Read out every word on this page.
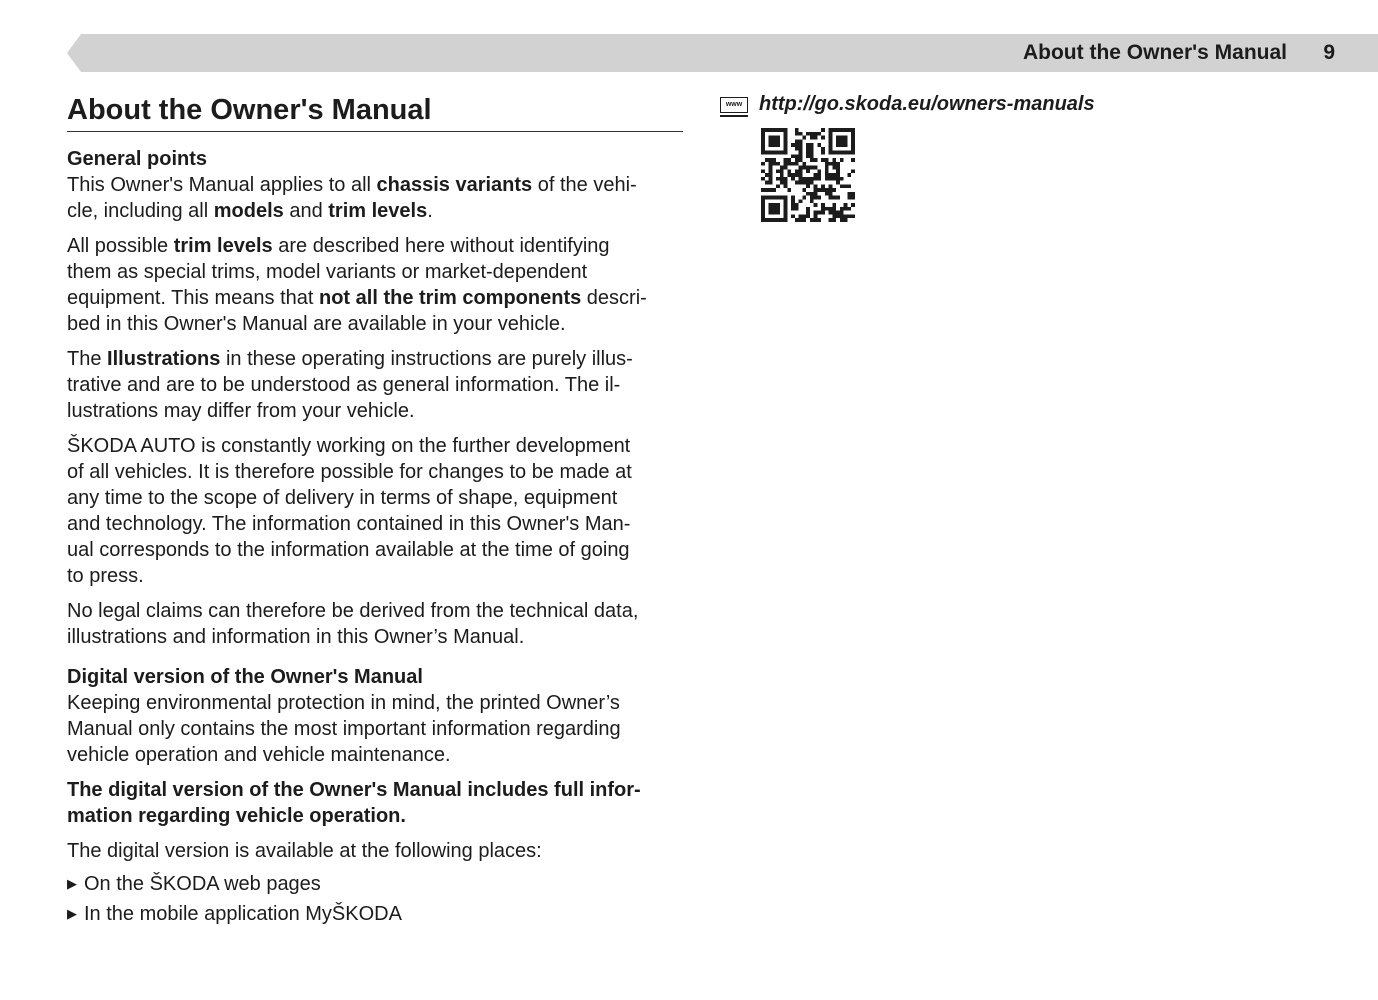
About the Owner's Manual 9
About the Owner's Manual
General points

This Owner's Manual applies to all chassis variants of the vehi-
cle, including all models and trim levels.

All possible trim levels are described here without identifying
them as special trims, model variants or market-dependent
equipment. This means that not all the trim components descri-
bed in this Owner's Manual are available in your vehicle.

The Illustrations in these operating instructions are purely illus-
trative and are to be understood as general information. The il-
lustrations may differ from your vehicle.

ŠKODA AUTO is constantly working on the further development
of all vehicles. It is therefore possible for changes to be made at
any time to the scope of delivery in terms of shape, equipment
and technology. The information contained in this Owner's Man-
ual corresponds to the information available at the time of going
to press.

No legal claims can therefore be derived from the technical data,
illustrations and information in this Owner’s Manual.

Digital version of the Owner's Manual

Keeping environmental protection in mind, the printed Owner’s
Manual only contains the most important information regarding
vehicle operation and vehicle maintenance.

The digital version of the Owner's Manual includes full infor-
mation regarding vehicle operation.

The digital version is available at the following places:

▶ On the ŠKODA web pages
▶ In the mobile application MyŠKODA
www http://go.skoda.eu/owners-manuals
